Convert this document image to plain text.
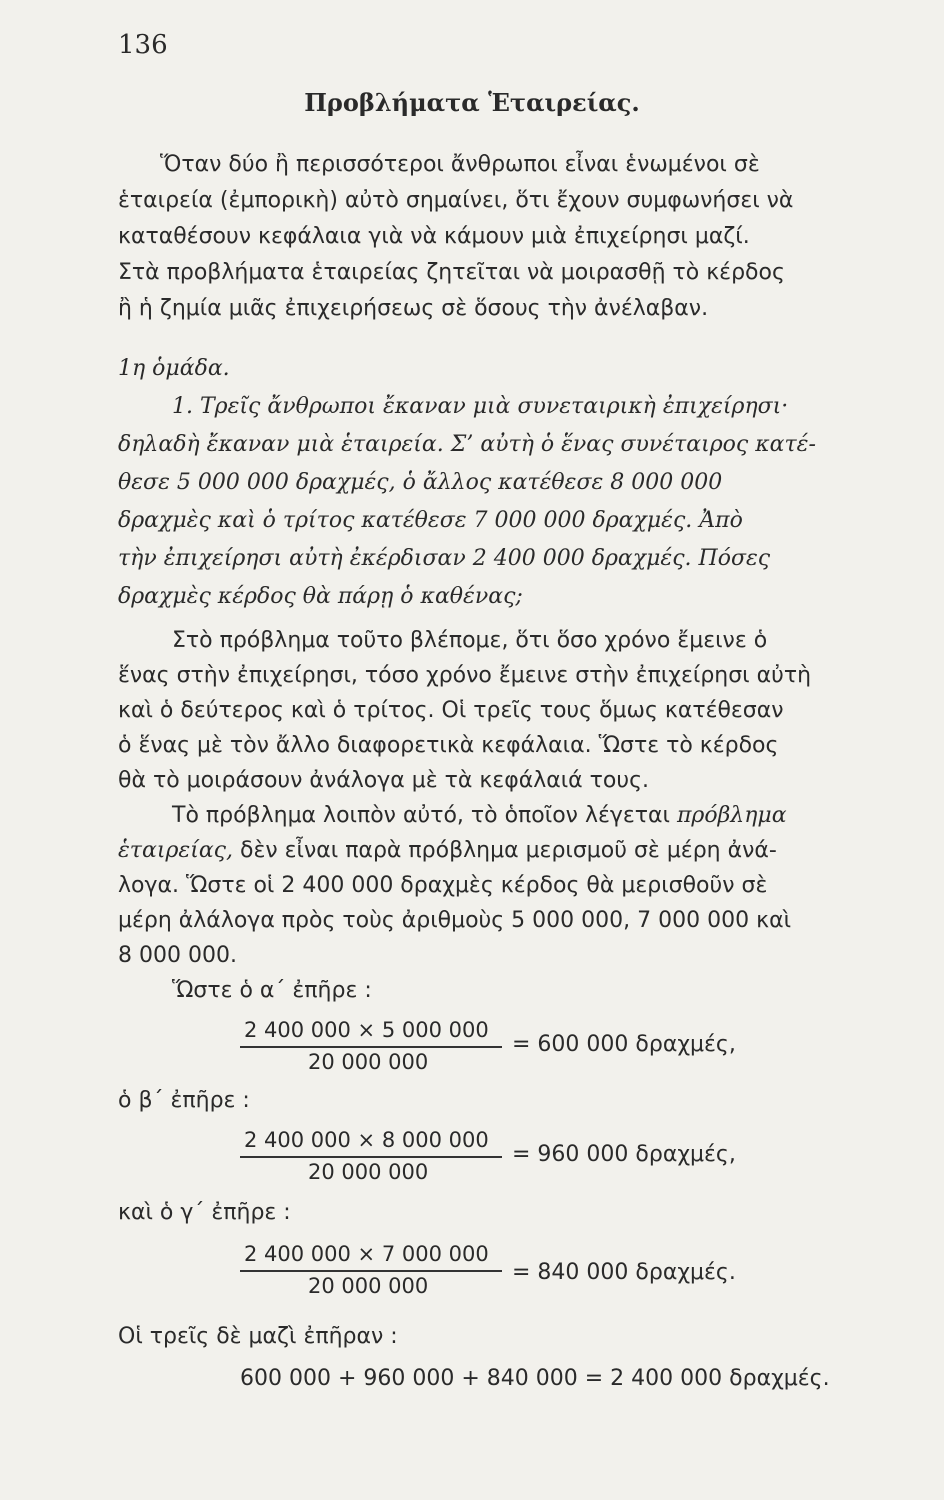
136
Προβλήματα Ἑταιρείας.
Ὅταν δύο ἢ περισσότεροι ἄνθρωποι εἶναι ἑνωμένοι σὲ
ἑταιρεία (ἐμπορικὴ) αὐτὸ σημαίνει, ὅτι ἔχουν συμφωνήσει νὰ
καταθέσουν κεφάλαια γιὰ νὰ κάμουν μιὰ ἐπιχείρησι μαζί.
Στὰ προβλήματα ἑταιρείας ζητεῖται νὰ μοιρασθῇ τὸ κέρδος
ἢ ἡ ζημία μιᾶς ἐπιχειρήσεως σὲ ὅσους τὴν ἀνέλαβαν.
1η ὁμάδα.
1. Τρεῖς ἄνθρωποι ἔκαναν μιὰ συνεταιρικὴ ἐπιχείρησι·
δηλαδὴ ἔκαναν μιὰ ἑταιρεία. Σ’ αὐτὴ ὁ ἕνας συνέταιρος κατέ-
θεσε 5 000 000 δραχμές, ὁ ἄλλος κατέθεσε 8 000 000
δραχμὲς καὶ ὁ τρίτος κατέθεσε 7 000 000 δραχμές. Ἀπὸ
τὴν ἐπιχείρησι αὐτὴ ἐκέρδισαν 2 400 000 δραχμές. Πόσες
δραχμὲς κέρδος θὰ πάρῃ ὁ καθένας;
Στὸ πρόβλημα τοῦτο βλέπομε, ὅτι ὅσο χρόνο ἔμεινε ὁ
ἕνας στὴν ἐπιχείρησι, τόσο χρόνο ἔμεινε στὴν ἐπιχείρησι αὐτὴ
καὶ ὁ δεύτερος καὶ ὁ τρίτος. Οἱ τρεῖς τους ὅμως κατέθεσαν
ὁ ἕνας μὲ τὸν ἄλλο διαφορετικὰ κεφάλαια. Ὥστε τὸ κέρδος
θὰ τὸ μοιράσουν ἀνάλογα μὲ τὰ κεφάλαιά τους.
Τὸ πρόβλημα λοιπὸν αὐτό, τὸ ὁποῖον λέγεται πρόβλημα
ἑταιρείας, δὲν εἶναι παρὰ πρόβλημα μερισμοῦ σὲ μέρη ἀνά-
λογα. Ὥστε οἱ 2 400 000 δραχμὲς κέρδος θὰ μερισθοῦν σὲ
μέρη ἀλάλογα πρὸς τοὺς ἀριθμοὺς 5 000 000, 7 000 000 καὶ
8 000 000.
Ὥστε ὁ α΄ ἐπῆρε :
2 400 000 × 5 000 000
20 000 000
= 600 000 δραχμές,
ὁ β΄ ἐπῆρε :
2 400 000 × 8 000 000
20 000 000
= 960 000 δραχμές,
καὶ ὁ γ΄ ἐπῆρε :
2 400 000 × 7 000 000
20 000 000
= 840 000 δραχμές.
Οἱ τρεῖς δὲ μαζὶ ἐπῆραν :
600 000 + 960 000 + 840 000 = 2 400 000 δραχμές.
